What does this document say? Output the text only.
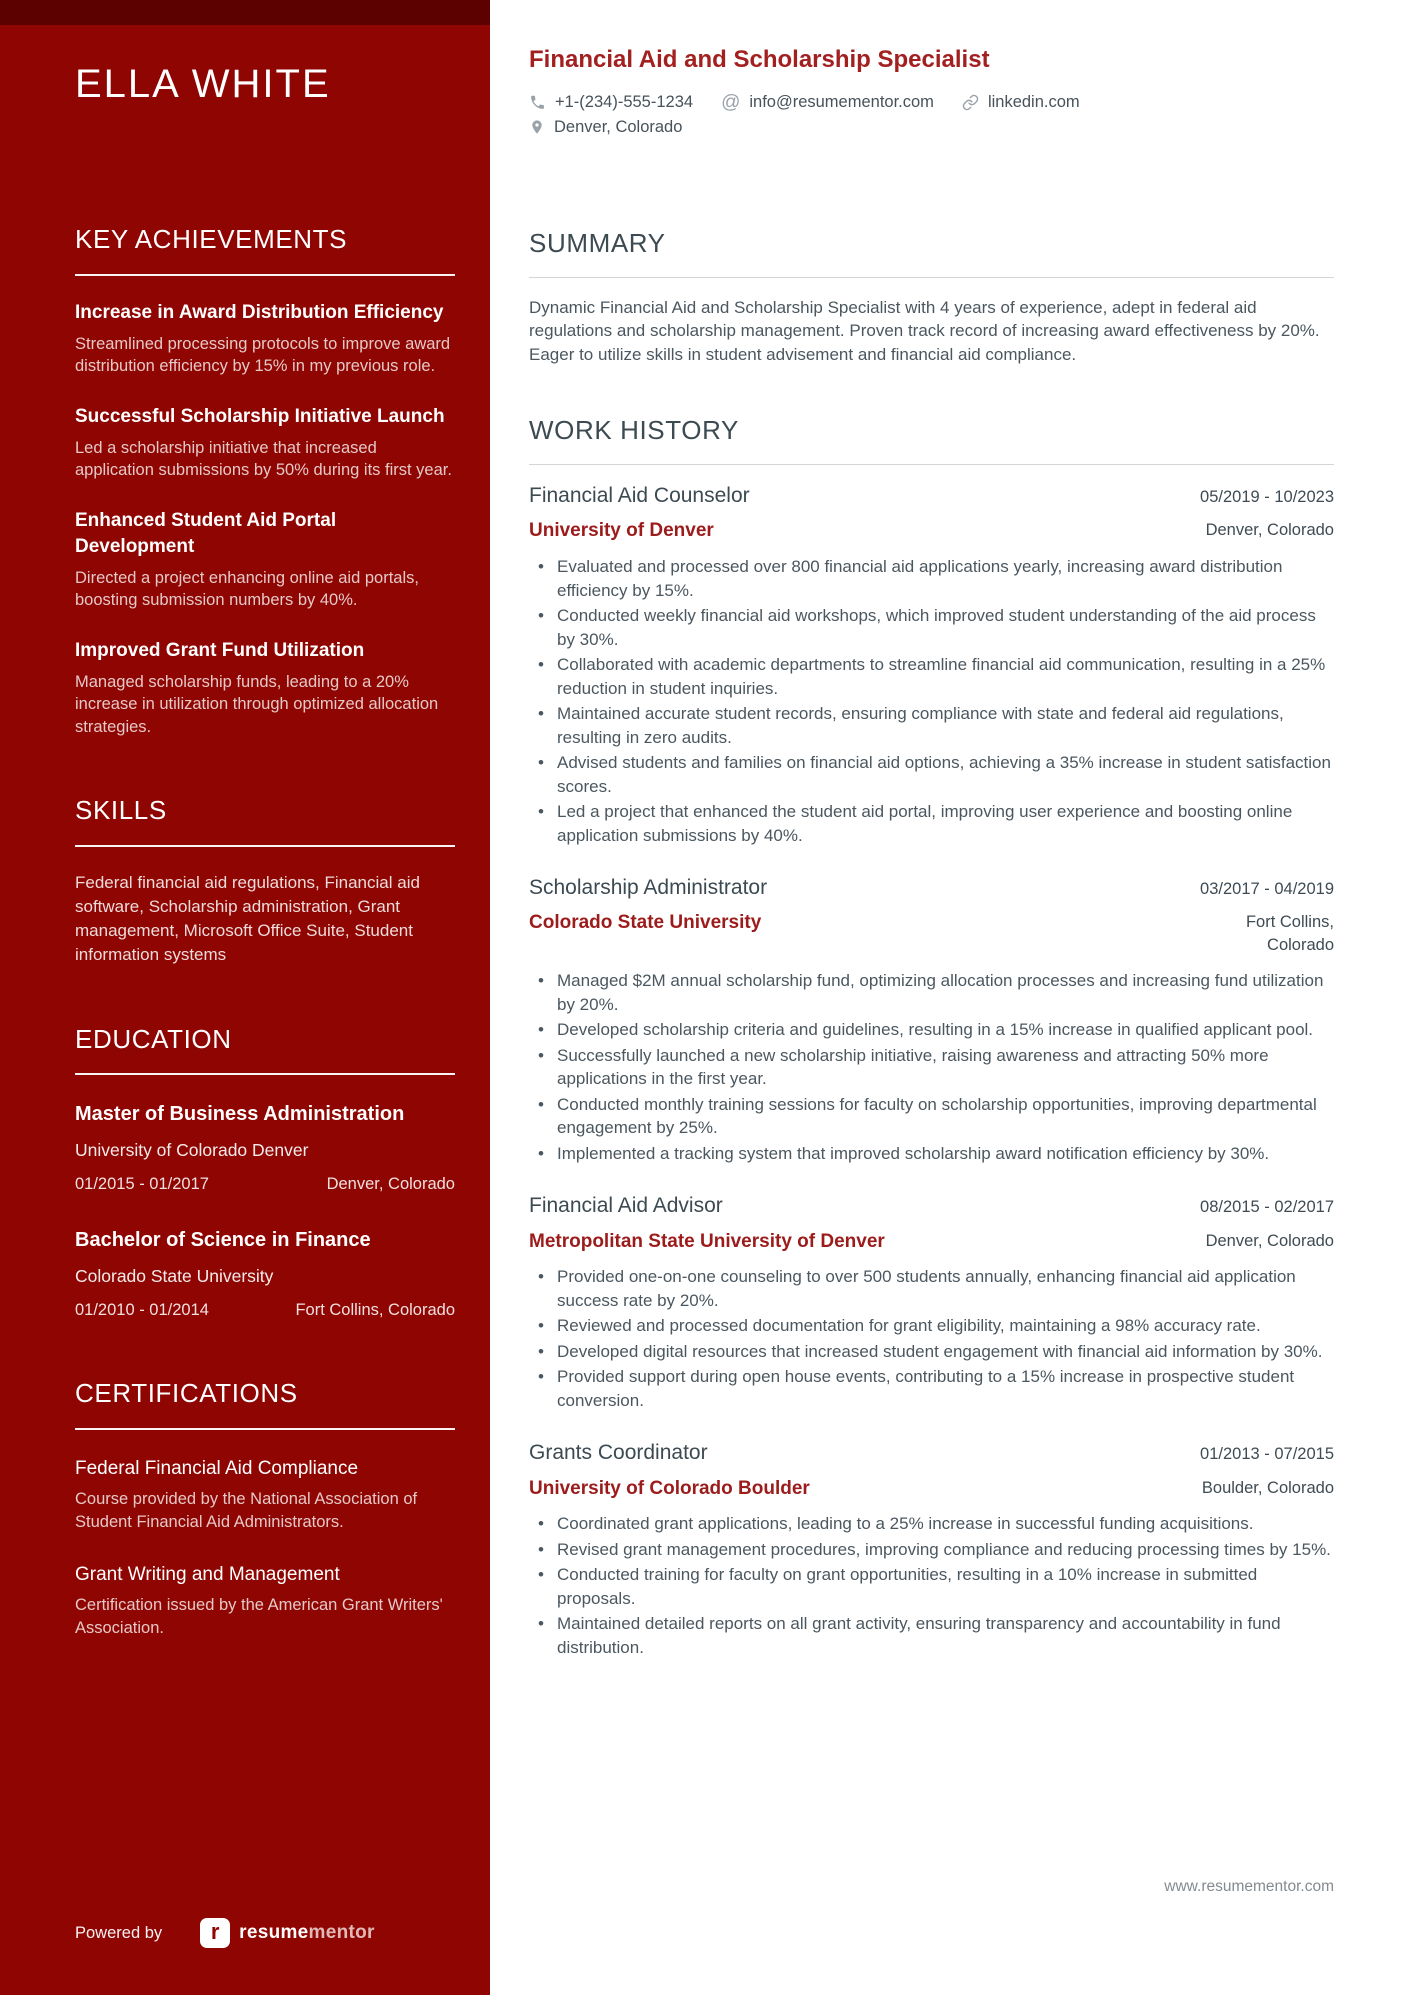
ELLA WHITE
KEY ACHIEVEMENTS
Increase in Award Distribution Efficiency

Streamlined processing protocols to improve award distribution efficiency by 15% in my previous role.

Successful Scholarship Initiative Launch

Led a scholarship initiative that increased application submissions by 50% during its first year.

Enhanced Student Aid Portal Development

Directed a project enhancing online aid portals, boosting submission numbers by 40%.

Improved Grant Fund Utilization

Managed scholarship funds, leading to a 20% increase in utilization through optimized allocation strategies.

SKILLS

Federal financial aid regulations, Financial aid software, Scholarship administration, Grant management, Microsoft Office Suite, Student information systems

EDUCATION
Master of Business Administration

University of Colorado Denver

01/2015 - 01/2017	Denver, Colorado
Bachelor of Science in Finance

Colorado State University

01/2010 - 01/2014	Fort Collins, Colorado
CERTIFICATIONS
Federal Financial Aid Compliance

Course provided by the National Association of Student Financial Aid Administrators.

Grant Writing and Management

Certification issued by the American Grant Writers' Association.

Powered by r resumementor
Financial Aid and Scholarship Specialist
+1-(234)-555-1234 @ info@resumementor.com	linkedin.com
Denver, Colorado
SUMMARY

Dynamic Financial Aid and Scholarship Specialist with 4 years of experience, adept in federal aid regulations and scholarship management. Proven track record of increasing award effectiveness by 20%. Eager to utilize skills in student advisement and financial aid compliance.

WORK HISTORY
Financial Aid Counselor	05/2019 - 10/2023
University of Denver	Denver, Colorado
• Evaluated and processed over 800 financial aid applications yearly, increasing award distribution efficiency by 15%.
• Conducted weekly financial aid workshops, which improved student understanding of the aid process by 30%.
• Collaborated with academic departments to streamline financial aid communication, resulting in a 25% reduction in student inquiries.
• Maintained accurate student records, ensuring compliance with state and federal aid regulations, resulting in zero audits.
• Advised students and families on financial aid options, achieving a 35% increase in student satisfaction scores.
• Led a project that enhanced the student aid portal, improving user experience and boosting online application submissions by 40%.
Scholarship Administrator	03/2017 - 04/2019
Colorado State University	Fort Collins, Colorado
• Managed $2M annual scholarship fund, optimizing allocation processes and increasing fund utilization by 20%.
• Developed scholarship criteria and guidelines, resulting in a 15% increase in qualified applicant pool.
• Successfully launched a new scholarship initiative, raising awareness and attracting 50% more applications in the first year.
• Conducted monthly training sessions for faculty on scholarship opportunities, improving departmental engagement by 25%.
• Implemented a tracking system that improved scholarship award notification efficiency by 30%.
Financial Aid Advisor	08/2015 - 02/2017
Metropolitan State University of Denver	Denver, Colorado
• Provided one-on-one counseling to over 500 students annually, enhancing financial aid application success rate by 20%.
• Reviewed and processed documentation for grant eligibility, maintaining a 98% accuracy rate.
• Developed digital resources that increased student engagement with financial aid information by 30%.
• Provided support during open house events, contributing to a 15% increase in prospective student conversion.
Grants Coordinator	01/2013 - 07/2015
University of Colorado Boulder	Boulder, Colorado
• Coordinated grant applications, leading to a 25% increase in successful funding acquisitions.
• Revised grant management procedures, improving compliance and reducing processing times by 15%.
• Conducted training for faculty on grant opportunities, resulting in a 10% increase in submitted proposals.
• Maintained detailed reports on all grant activity, ensuring transparency and accountability in fund distribution.
www.resumementor.com
